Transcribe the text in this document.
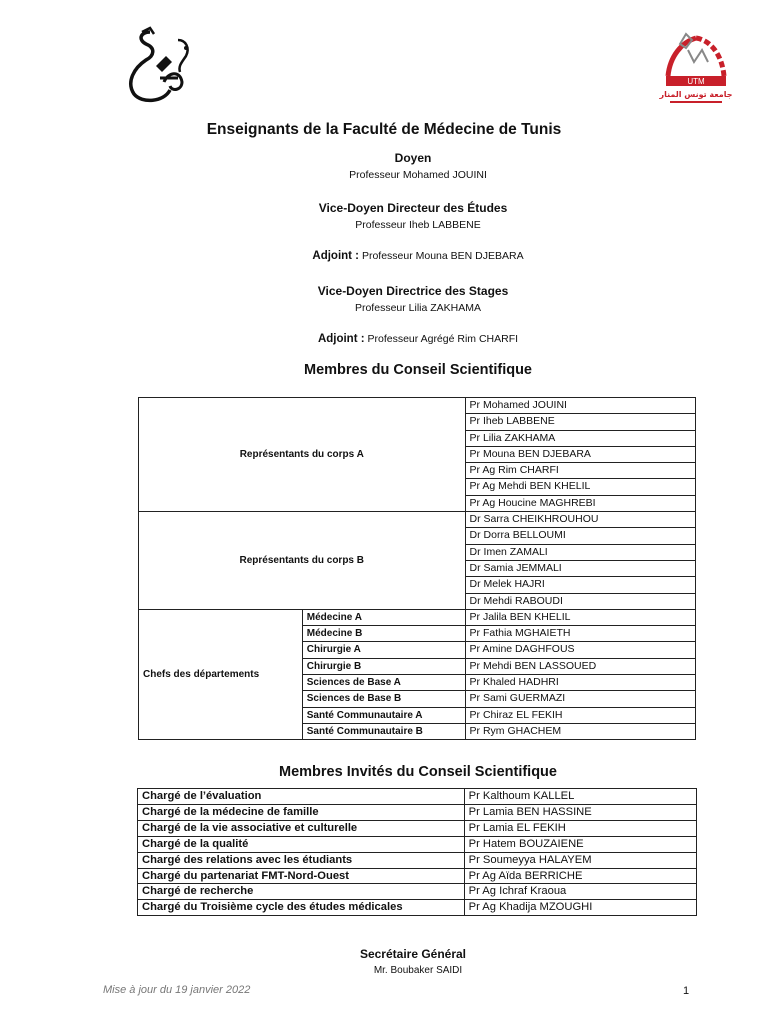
UTM
جامعة تونس المنار
Enseignants de la Faculté de Médecine de Tunis
Doyen
Professeur Mohamed JOUINI
Vice-Doyen Directeur des Études
Professeur Iheb LABBENE
Adjoint : Professeur Mouna BEN DJEBARA
Vice-Doyen Directrice des Stages
Professeur Lilia ZAKHAMA
Adjoint : Professeur Agrégé Rim CHARFI
Membres du Conseil Scientifique
Représentants du corps A		Pr Mohamed JOUINI
		Pr Iheb LABBENE
		Pr Lilia ZAKHAMA
		Pr Mouna BEN DJEBARA
		Pr Ag Rim CHARFI
		Pr Ag Mehdi BEN KHELIL
		Pr Ag Houcine MAGHREBI
Représentants du corps B		Dr Sarra CHEIKHROUHOU
		Dr Dorra BELLOUMI
		Dr Imen ZAMALI
		Dr Samia JEMMALI
		Dr Melek HAJRI
		Dr Mehdi RABOUDI
Chefs des départements	Médecine A	Pr Jalila BEN KHELIL
	Médecine B	Pr Fathia MGHAIETH
	Chirurgie A	Pr Amine DAGHFOUS
	Chirurgie B	Pr Mehdi BEN LASSOUED
	Sciences de Base A	Pr Khaled HADHRI
	Sciences de Base B	Pr Sami GUERMAZI
	Santé Communautaire A	Pr Chiraz EL FEKIH
	Santé Communautaire B	Pr Rym GHACHEM
Membres Invités du Conseil Scientifique
Chargé de l’évaluation	Pr Kalthoum KALLEL
Chargé de la médecine de famille	Pr Lamia BEN HASSINE
Chargé de la vie associative et culturelle	Pr Lamia EL FEKIH
Chargé de la qualité	Pr Hatem BOUZAIENE
Chargé des relations avec les étudiants	Pr Soumeyya HALAYEM
Chargé du partenariat FMT-Nord-Ouest	Pr Ag Aïda BERRICHE
Chargé de recherche	Pr Ag Ichraf Kraoua
Chargé du Troisième cycle des études médicales	Pr Ag Khadija MZOUGHI
Secrétaire Général
Mr. Boubaker SAIDI
Mise à jour du 19 janvier 2022	1
